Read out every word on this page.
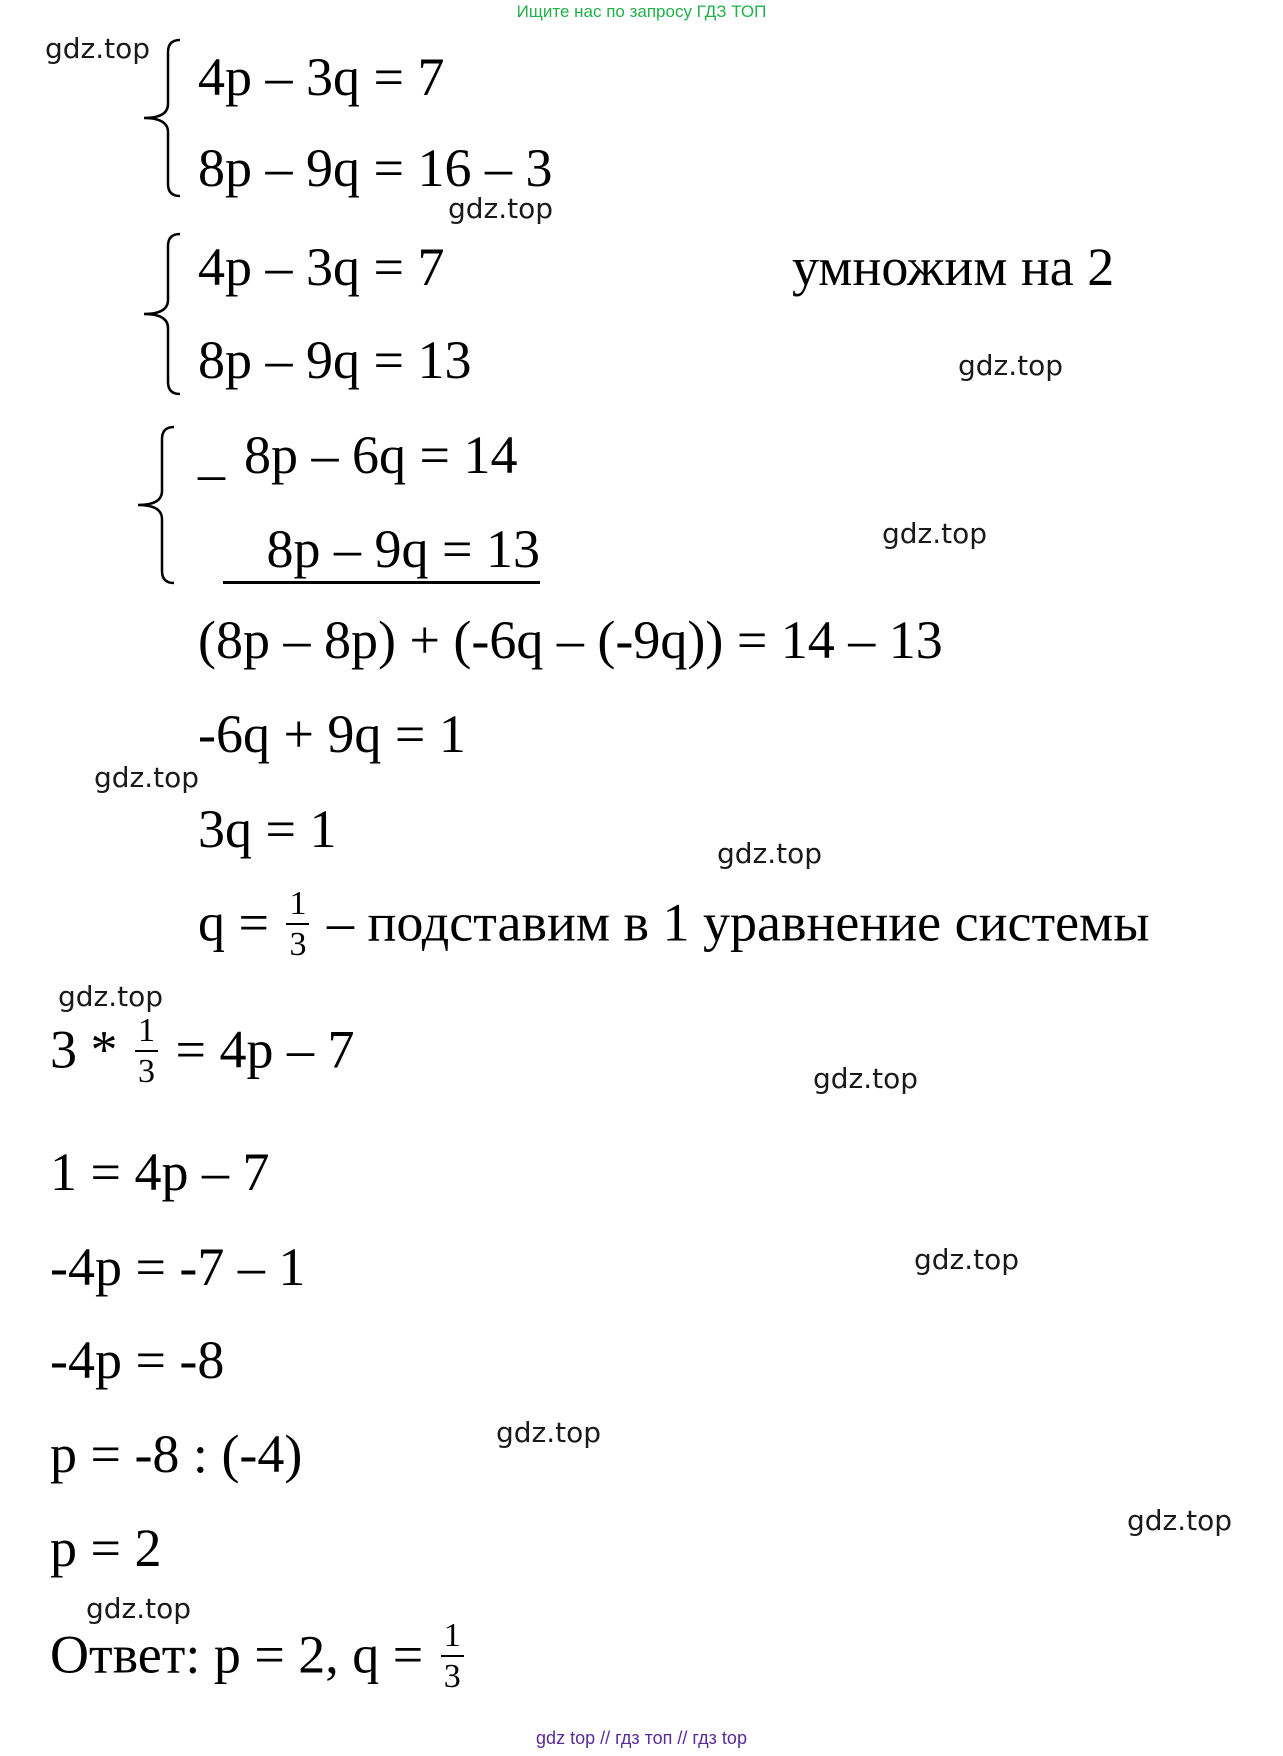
Ищите нас по запросу ГДЗ ТОП
gdz.top
gdz.top
gdz.top
gdz.top
gdz.top
gdz.top
gdz.top
gdz.top
gdz.top
gdz.top
gdz.top
gdz.top
4p – 3q = 7
8p – 9q = 16 – 3
4p – 3q = 7
8p – 9q = 13
умножим на 2
_ 8p – 6q = 14
8p – 9q = 13
(8p – 8p) + (-6q – (-9q)) = 14 – 13
-6q + 9q = 1
3q = 1
$q = \frac{1}{3}$ – подставим в 1 уравнение системы
$3 * \frac{1}{3} = 4p - 7$
1 = 4p – 7
-4p = -7 – 1
-4p = -8
p = -8 : (-4)
p = 2
Ответ: p = 2, $q = \frac{1}{3}$
gdz top // гдз топ // гдз top
